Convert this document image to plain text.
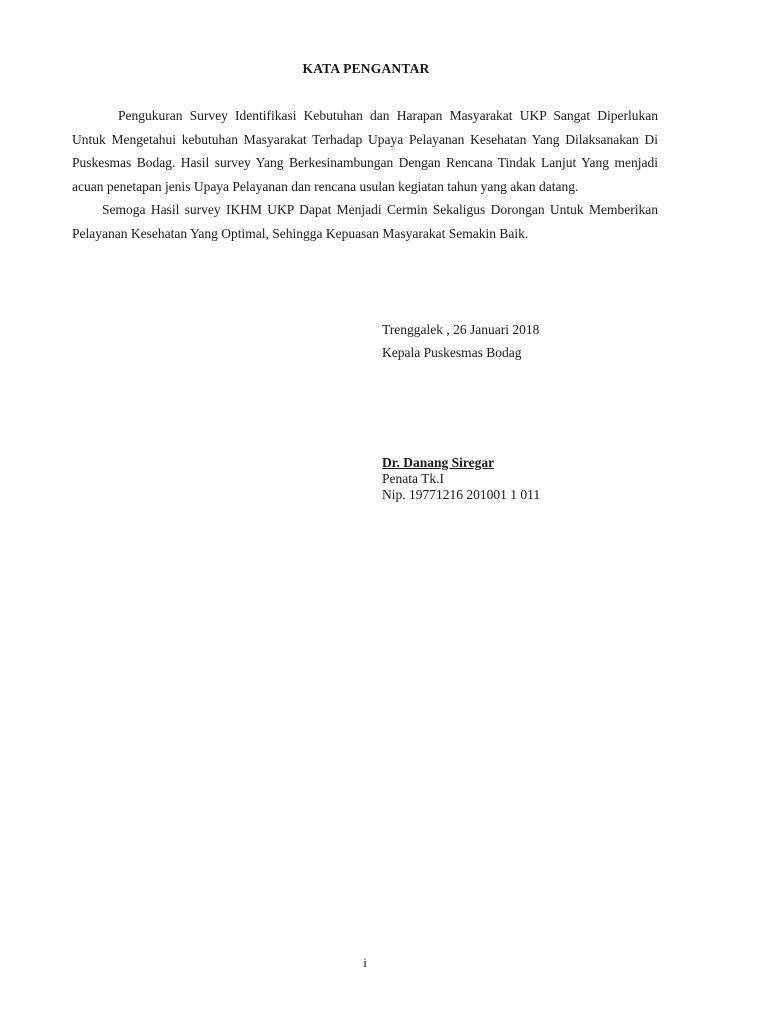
KATA PENGANTAR

Pengukuran Survey Identifikasi Kebutuhan dan Harapan Masyarakat UKP Sangat Diperlukan Untuk Mengetahui kebutuhan Masyarakat Terhadap Upaya Pelayanan Kesehatan Yang Dilaksanakan Di Puskesmas Bodag. Hasil survey Yang Berkesinambungan Dengan Rencana Tindak Lanjut Yang menjadi acuan penetapan jenis Upaya Pelayanan dan rencana usulan kegiatan tahun yang akan datang.

Semoga Hasil survey IKHM UKP Dapat Menjadi Cermin Sekaligus Dorongan Untuk Memberikan Pelayanan Kesehatan Yang Optimal, Sehingga Kepuasan Masyarakat Semakin Baik.

Trenggalek , 26 Januari 2018
Kepala Puskesmas Bodag
Dr. Danang Siregar
Penata Tk.I
Nip. 19771216 201001 1 011
i
